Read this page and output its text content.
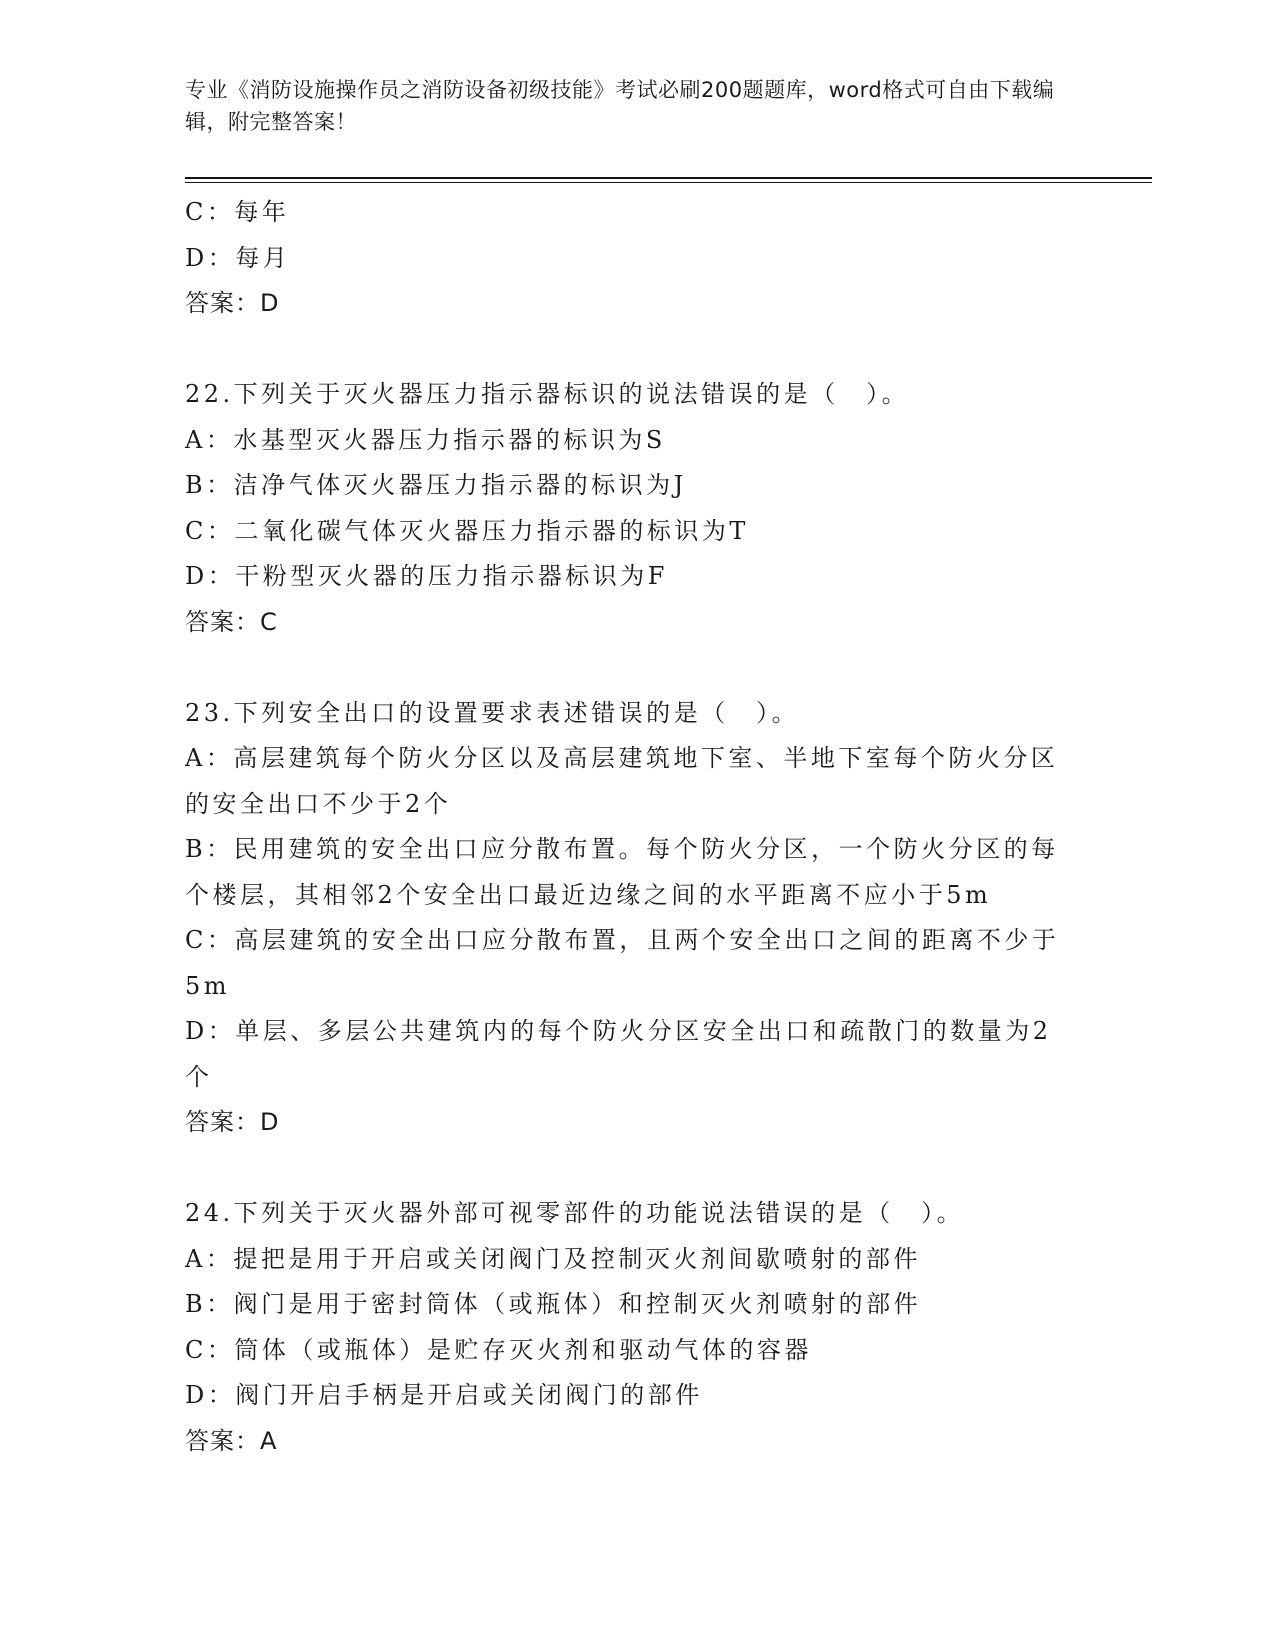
专业《消防设施操作员之消防设备初级技能》考试必刷200题题库，word格式可自由下载编辑，附完整答案！
C：每年
D：每月
答案：D
22.下列关于灭火器压力指示器标识的说法错误的是（　）。
A：水基型灭火器压力指示器的标识为S
B：洁净气体灭火器压力指示器的标识为J
C：二氧化碳气体灭火器压力指示器的标识为T
D：干粉型灭火器的压力指示器标识为F
答案：C
23.下列安全出口的设置要求表述错误的是（　）。
A：高层建筑每个防火分区以及高层建筑地下室、半地下室每个防火分区的安全出口不少于2个
B：民用建筑的安全出口应分散布置。每个防火分区，一个防火分区的每个楼层，其相邻2个安全出口最近边缘之间的水平距离不应小于5m
C：高层建筑的安全出口应分散布置，且两个安全出口之间的距离不少于5m
D：单层、多层公共建筑内的每个防火分区安全出口和疏散门的数量为2个
答案：D
24.下列关于灭火器外部可视零部件的功能说法错误的是（　）。
A：提把是用于开启或关闭阀门及控制灭火剂间歇喷射的部件
B：阀门是用于密封筒体（或瓶体）和控制灭火剂喷射的部件
C：筒体（或瓶体）是贮存灭火剂和驱动气体的容器
D：阀门开启手柄是开启或关闭阀门的部件
答案：A
